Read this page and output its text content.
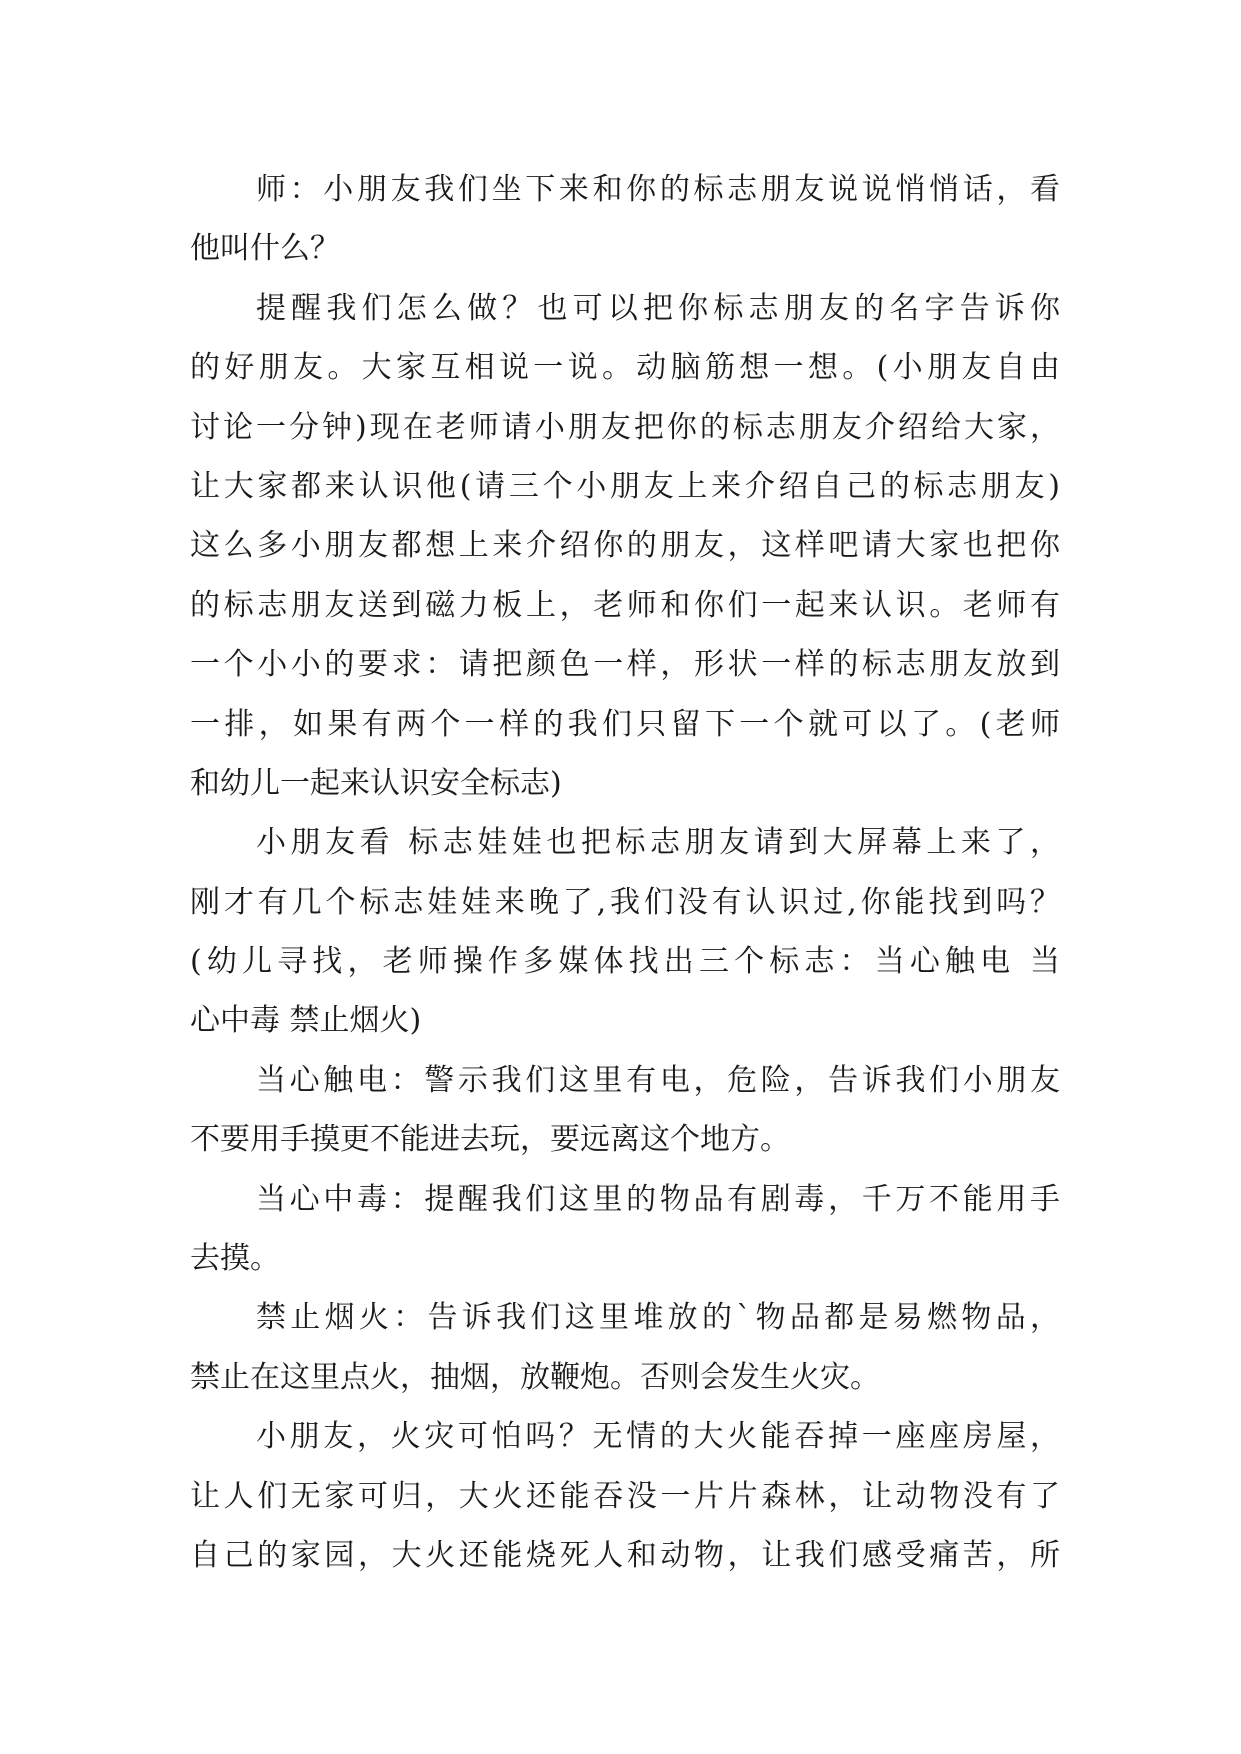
师：小朋友我们坐下来和你的标志朋友说说悄悄话，看
他叫什么？
提醒我们怎么做？也可以把你标志朋友的名字告诉你
的好朋友。大家互相说一说。动脑筋想一想。(小朋友自由
讨论一分钟)现在老师请小朋友把你的标志朋友介绍给大家，
让大家都来认识他(请三个小朋友上来介绍自己的标志朋友)
这么多小朋友都想上来介绍你的朋友，这样吧请大家也把你
的标志朋友送到磁力板上，老师和你们一起来认识。老师有
一个小小的要求：请把颜色一样，形状一样的标志朋友放到
一排，如果有两个一样的我们只留下一个就可以了。(老师
和幼儿一起来认识安全标志)
小朋友看 标志娃娃也把标志朋友请到大屏幕上来了，
刚才有几个标志娃娃来晚了,我们没有认识过,你能找到吗？
(幼儿寻找，老师操作多媒体找出三个标志：当心触电 当
心中毒 禁止烟火)
当心触电：警示我们这里有电，危险，告诉我们小朋友
不要用手摸更不能进去玩，要远离这个地方。
当心中毒：提醒我们这里的物品有剧毒，千万不能用手
去摸。
禁止烟火：告诉我们这里堆放的`物品都是易燃物品，
禁止在这里点火，抽烟，放鞭炮。否则会发生火灾。
小朋友，火灾可怕吗？无情的大火能吞掉一座座房屋，
让人们无家可归，大火还能吞没一片片森林，让动物没有了
自己的家园，大火还能烧死人和动物，让我们感受痛苦，所
